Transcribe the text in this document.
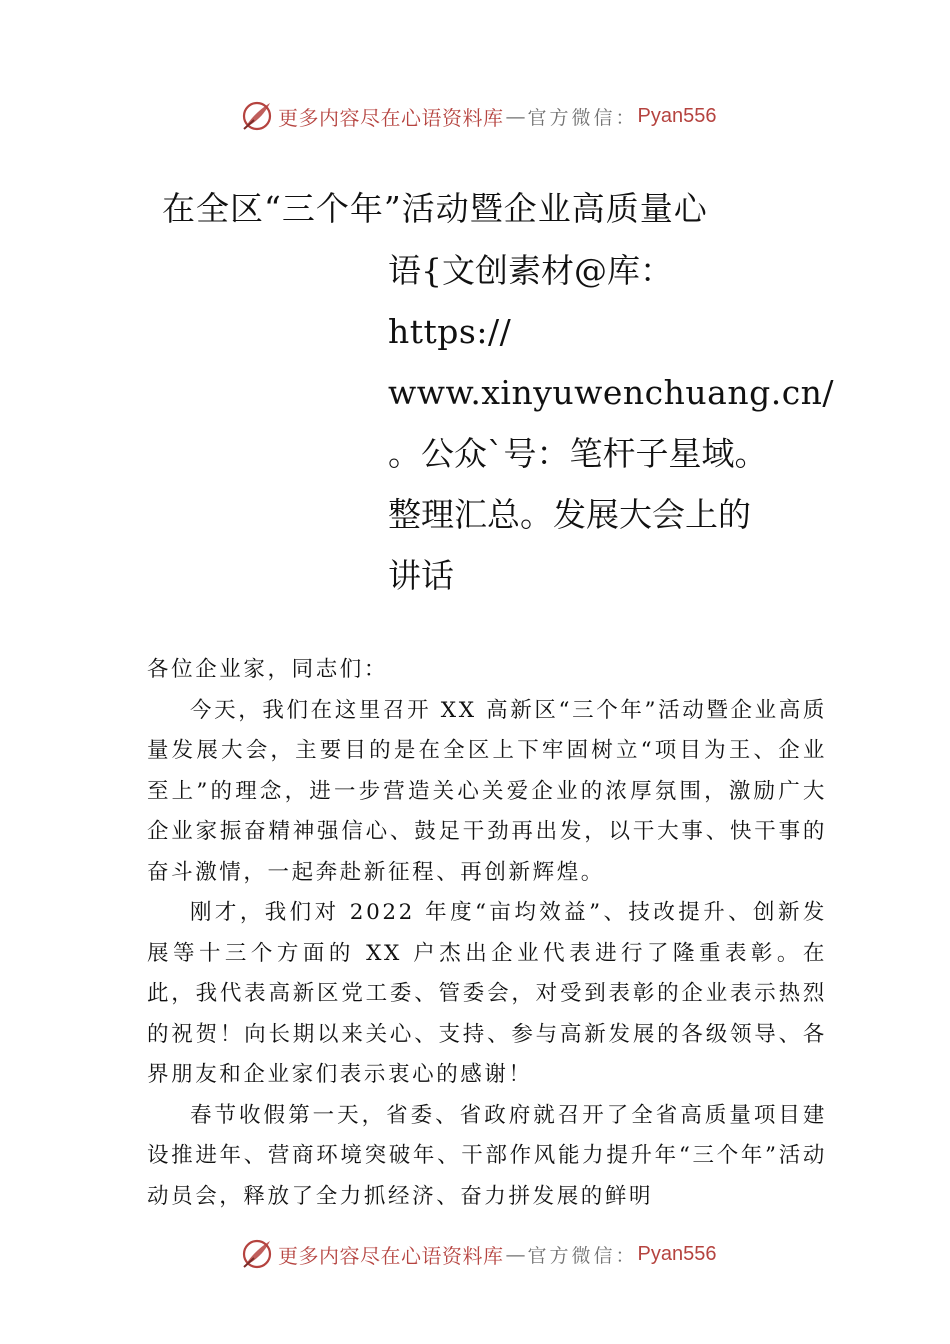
更多内容尽在心语资料库 — 官方微信： Pyan556
在全区“三个年”活动暨企业高质量心
语{文创素材@库：
https://
www.xinyuwenchuang.cn/
。公众`号：笔杆子星域。
整理汇总。发展大会上的
讲话

各位企业家，同志们：

今天，我们在这里召开 XX 高新区“三个年”活动暨企业高质量发展大会，主要目的是在全区上下牢固树立“项目为王、企业至上”的理念，进一步营造关心关爱企业的浓厚氛围，激励广大企业家振奋精神强信心、鼓足干劲再出发，以干大事、快干事的奋斗激情，一起奔赴新征程、再创新辉煌。

刚才，我们对 2022 年度“亩均效益”、技改提升、创新发展等十三个方面的 XX 户杰出企业代表进行了隆重表彰。在此，我代表高新区党工委、管委会，对受到表彰的企业表示热烈的祝贺！向长期以来关心、支持、参与高新发展的各级领导、各界朋友和企业家们表示衷心的感谢！

春节收假第一天，省委、省政府就召开了全省高质量项目建设推进年、营商环境突破年、干部作风能力提升年“三个年”活动动员会，释放了全力抓经济、奋力拼发展的鲜明

更多内容尽在心语资料库 — 官方微信： Pyan556
